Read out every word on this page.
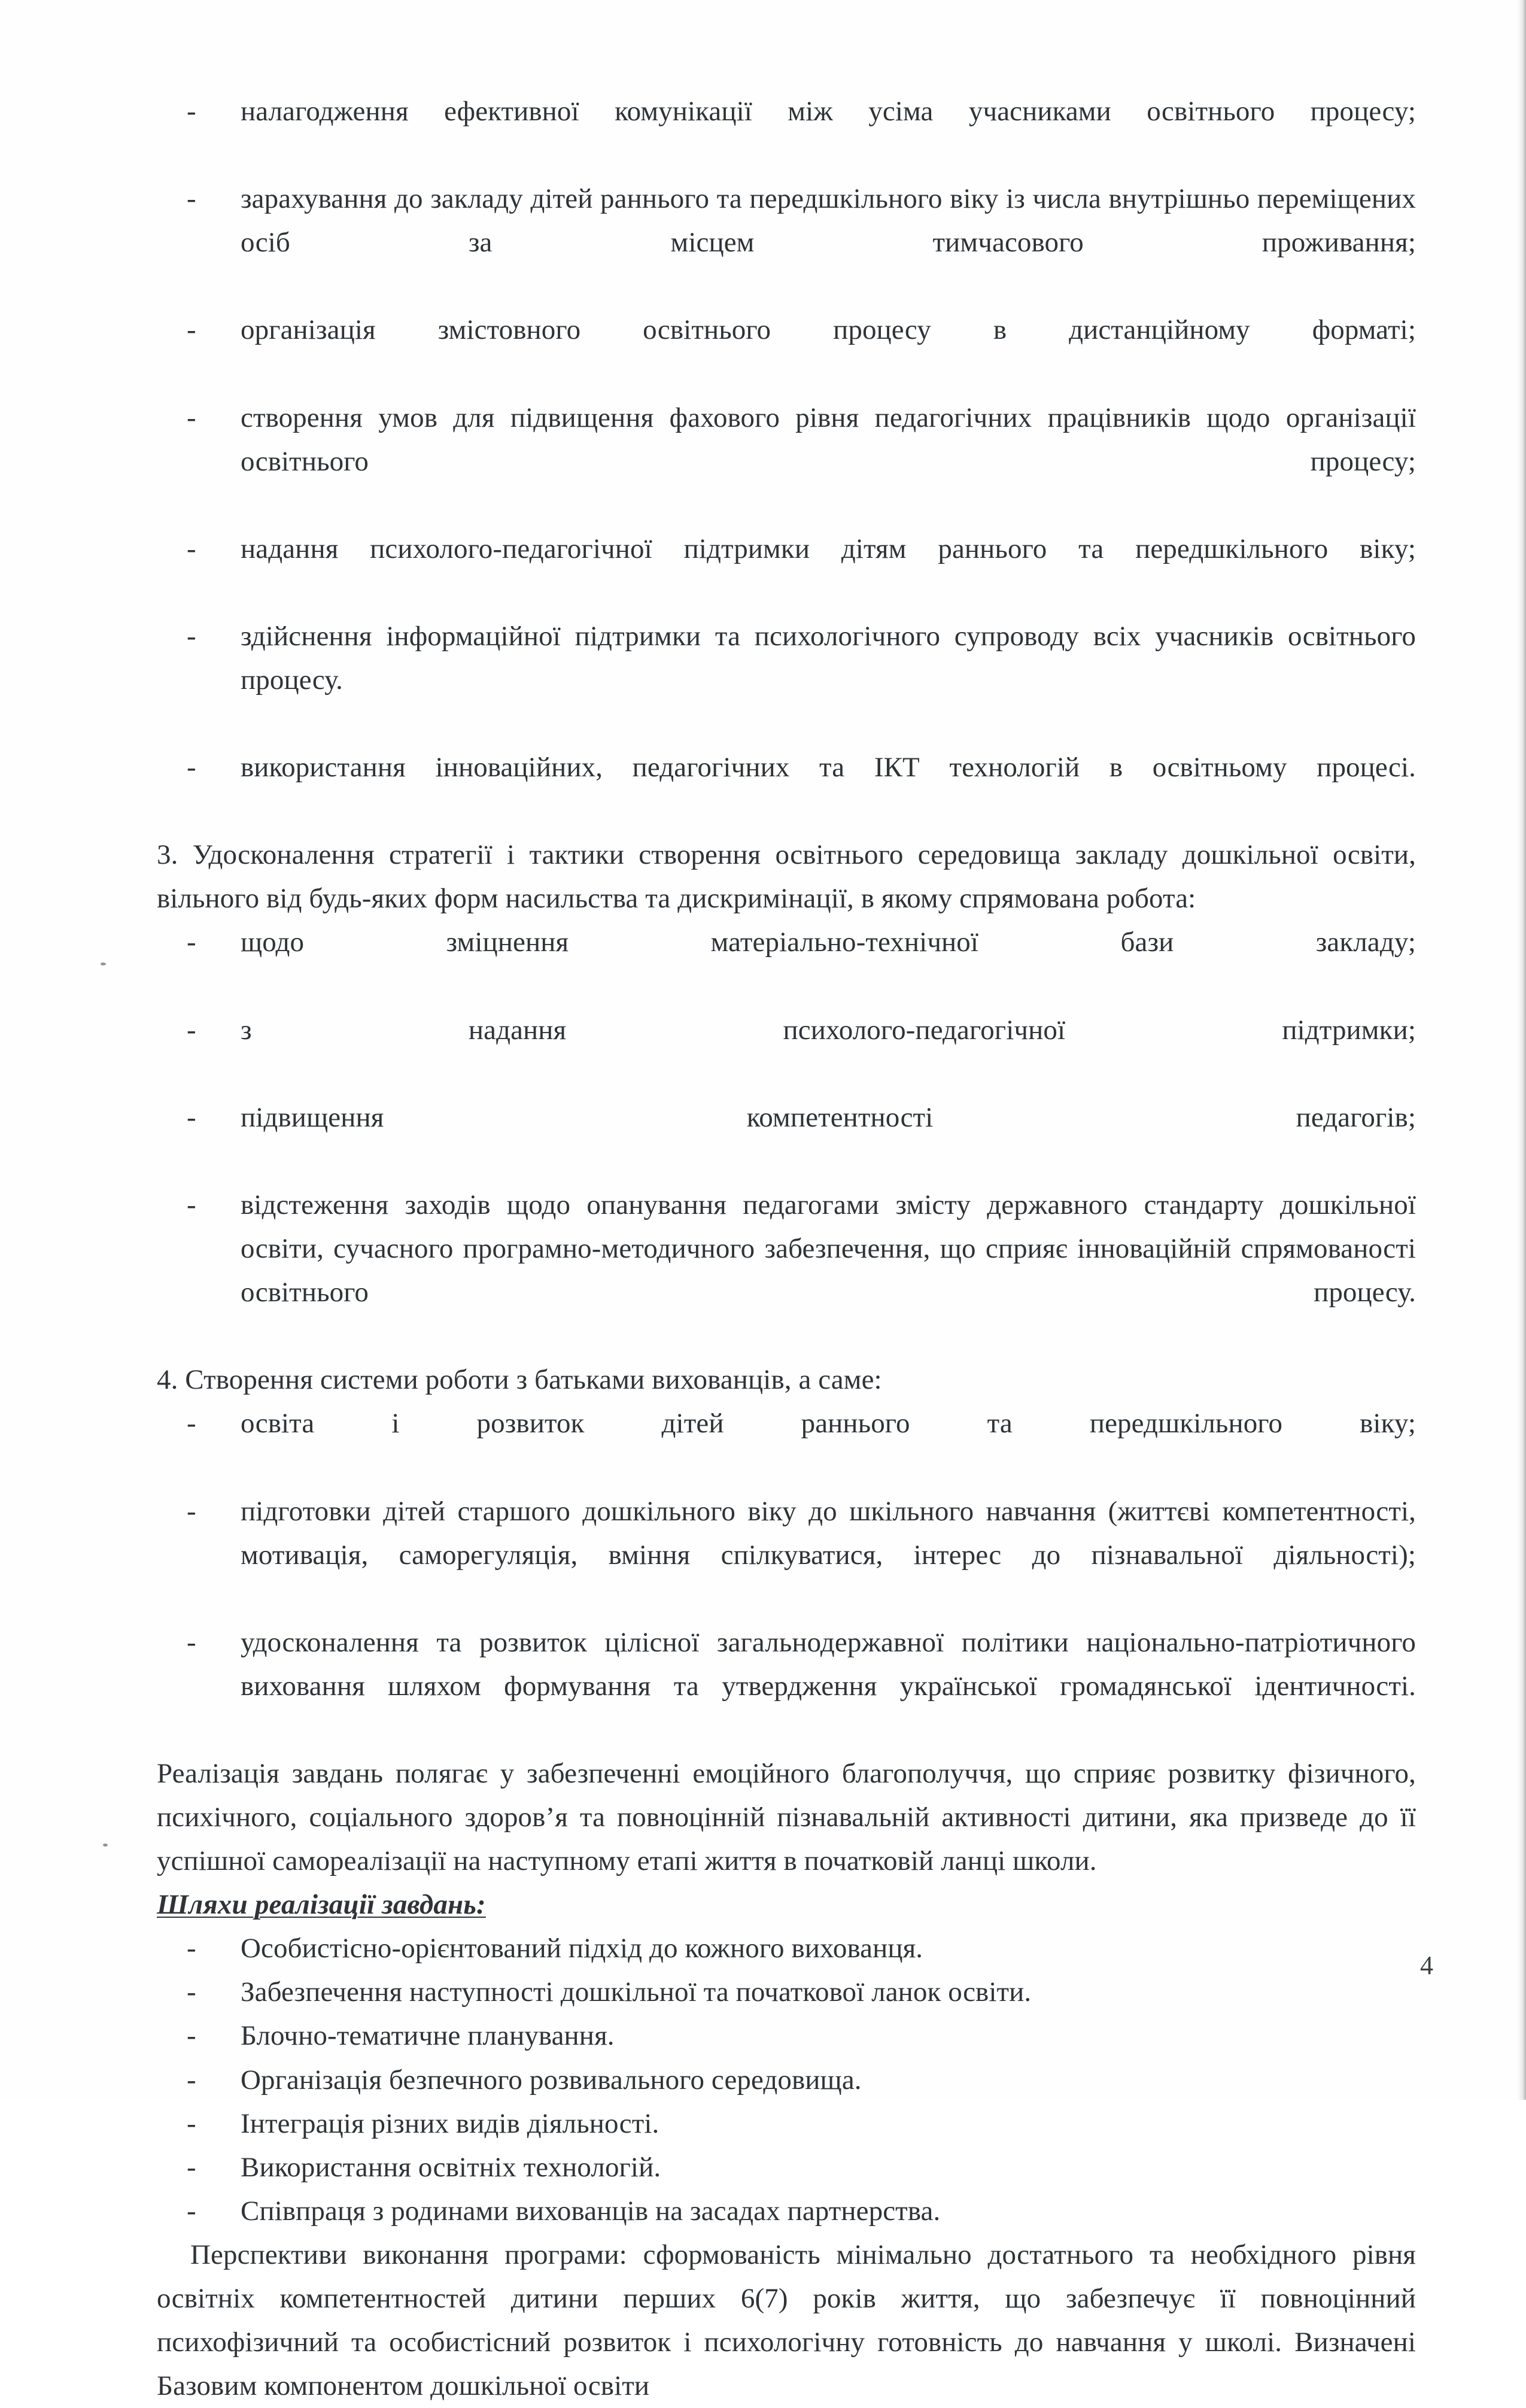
-	налагодження ефективної комунікації між усіма учасниками освітнього процесу;
-	зарахування до закладу дітей раннього та передшкільного віку із числа внутрішньо переміщених осіб за місцем тимчасового проживання;
-	організація змістовного освітнього процесу в дистанційному форматі;
-	створення умов для підвищення фахового рівня педагогічних працівників щодо організації освітнього процесу;
-	надання психолого-педагогічної підтримки дітям раннього та передшкільного віку;
-	здійснення інформаційної підтримки та психологічного супроводу всіх учасників освітнього процесу.
-	використання інноваційних, педагогічних та ІКТ технологій в освітньому процесі.

3. Удосконалення стратегії і тактики створення освітнього середовища закладу дошкільної освіти, вільного від будь-яких форм насильства та дискримінації, в якому спрямована робота:

-	щодо зміцнення матеріально-технічної бази закладу;
-	з надання психолого-педагогічної підтримки;
-	підвищення компетентності педагогів;
-	відстеження заходів щодо опанування педагогами змісту державного стандарту дошкільної освіти, сучасного програмно-методичного забезпечення, що сприяє інноваційній спрямованості освітнього процесу.

4. Створення системи роботи з батьками вихованців, а саме:

-	освіта і розвиток дітей раннього та передшкільного віку;
-	підготовки дітей старшого дошкільного віку до шкільного навчання (життєві компетентності, мотивація, саморегуляція, вміння спілкуватися, інтерес до пізнавальної діяльності);
-	удосконалення та розвиток цілісної загальнодержавної політики національно-патріотичного виховання шляхом формування та утвердження української громадянської ідентичності.

Реалізація завдань полягає у забезпеченні емоційного благополуччя, що сприяє розвитку фізичного, психічного, соціального здоров’я та повноцінній пізнавальній активності дитини, яка призведе до її успішної самореалізації на наступному етапі життя в початковій ланці школи.

Шляхи реалізації завдань:

-	Особистісно-орієнтований підхід до кожного вихованця.
-	Забезпечення наступності дошкільної та початкової ланок освіти.
-	Блочно-тематичне планування.
-	Організація безпечного розвивального середовища.
-	Інтеграція різних видів діяльності.
-	Використання освітніх технологій.
-	Співпраця з родинами вихованців на засадах партнерства.

Перспективи виконання програми: сформованість мінімально достатнього та необхідного рівня освітніх компетентностей дитини перших 6(7) років життя, що забезпечує її повноцінний психофізичний та особистісний розвиток і психологічну готовність до навчання у школі. Визначені Базовим компонентом дошкільної освіти

4
